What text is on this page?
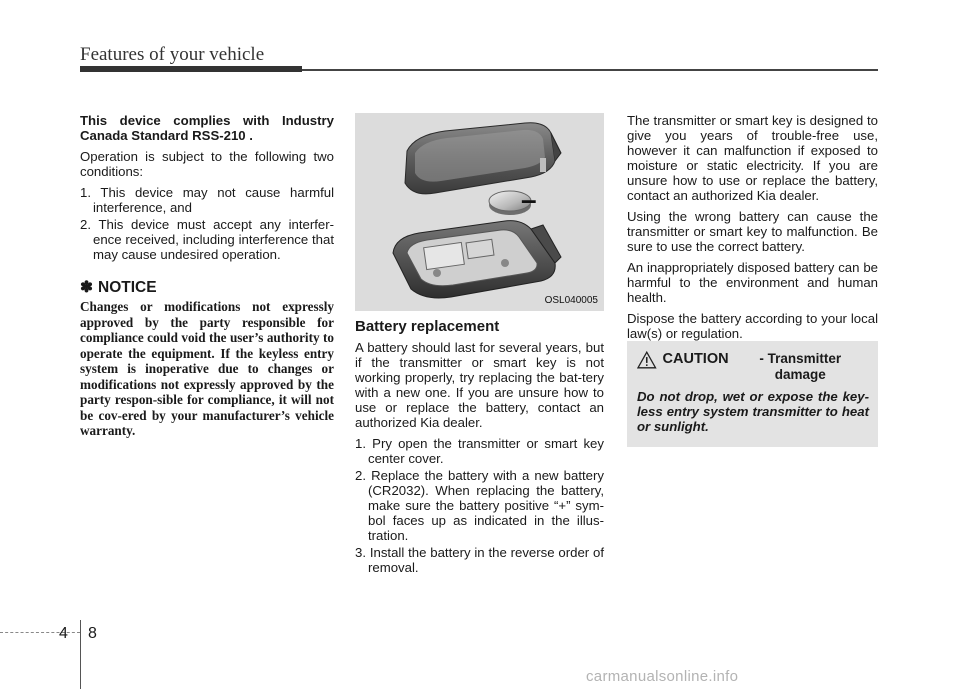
Features of your vehicle

This device complies with Industry Canada Standard RSS-210 .

Operation is subject to the following two conditions:

1. This device may not cause harmful interference, and
2. This device must accept any interfer-ence received, including interference that may cause undesired operation.
✽ NOTICE

Changes or modifications not expressly approved by the party responsible for compliance could void the user’s authority to operate the equipment. If the keyless entry system is inoperative due to changes or modifications not expressly approved by the party respon-sible for compliance, it will not be cov-ered by your manufacturer’s vehicle warranty.

–
OSL040005
Battery replacement

A battery should last for several years, but if the transmitter or smart key is not working properly, try replacing the bat-tery with a new one. If you are unsure how to use or replace the battery, contact an authorized Kia dealer.

1. Pry open the transmitter or smart key center cover.
2. Replace the battery with a new battery (CR2032). When replacing the battery, make sure the battery positive “+” sym-bol faces up as indicated in the illus-tration.
3. Install the battery in the reverse order of removal.

The transmitter or smart key is designed to give you years of trouble-free use, however it can malfunction if exposed to moisture or static electricity. If you are unsure how to use or replace the battery, contact an authorized Kia dealer.

Using the wrong battery can cause the transmitter or smart key to malfunction. Be sure to use the correct battery.

An inappropriately disposed battery can be harmful to the environment and human health.

Dispose the battery according to your local law(s) or regulation.

CAUTION	- Transmitter damage
Do not drop, wet or expose the key-less entry system transmitter to heat or sunlight.
4 8
carmanualsonline.info
